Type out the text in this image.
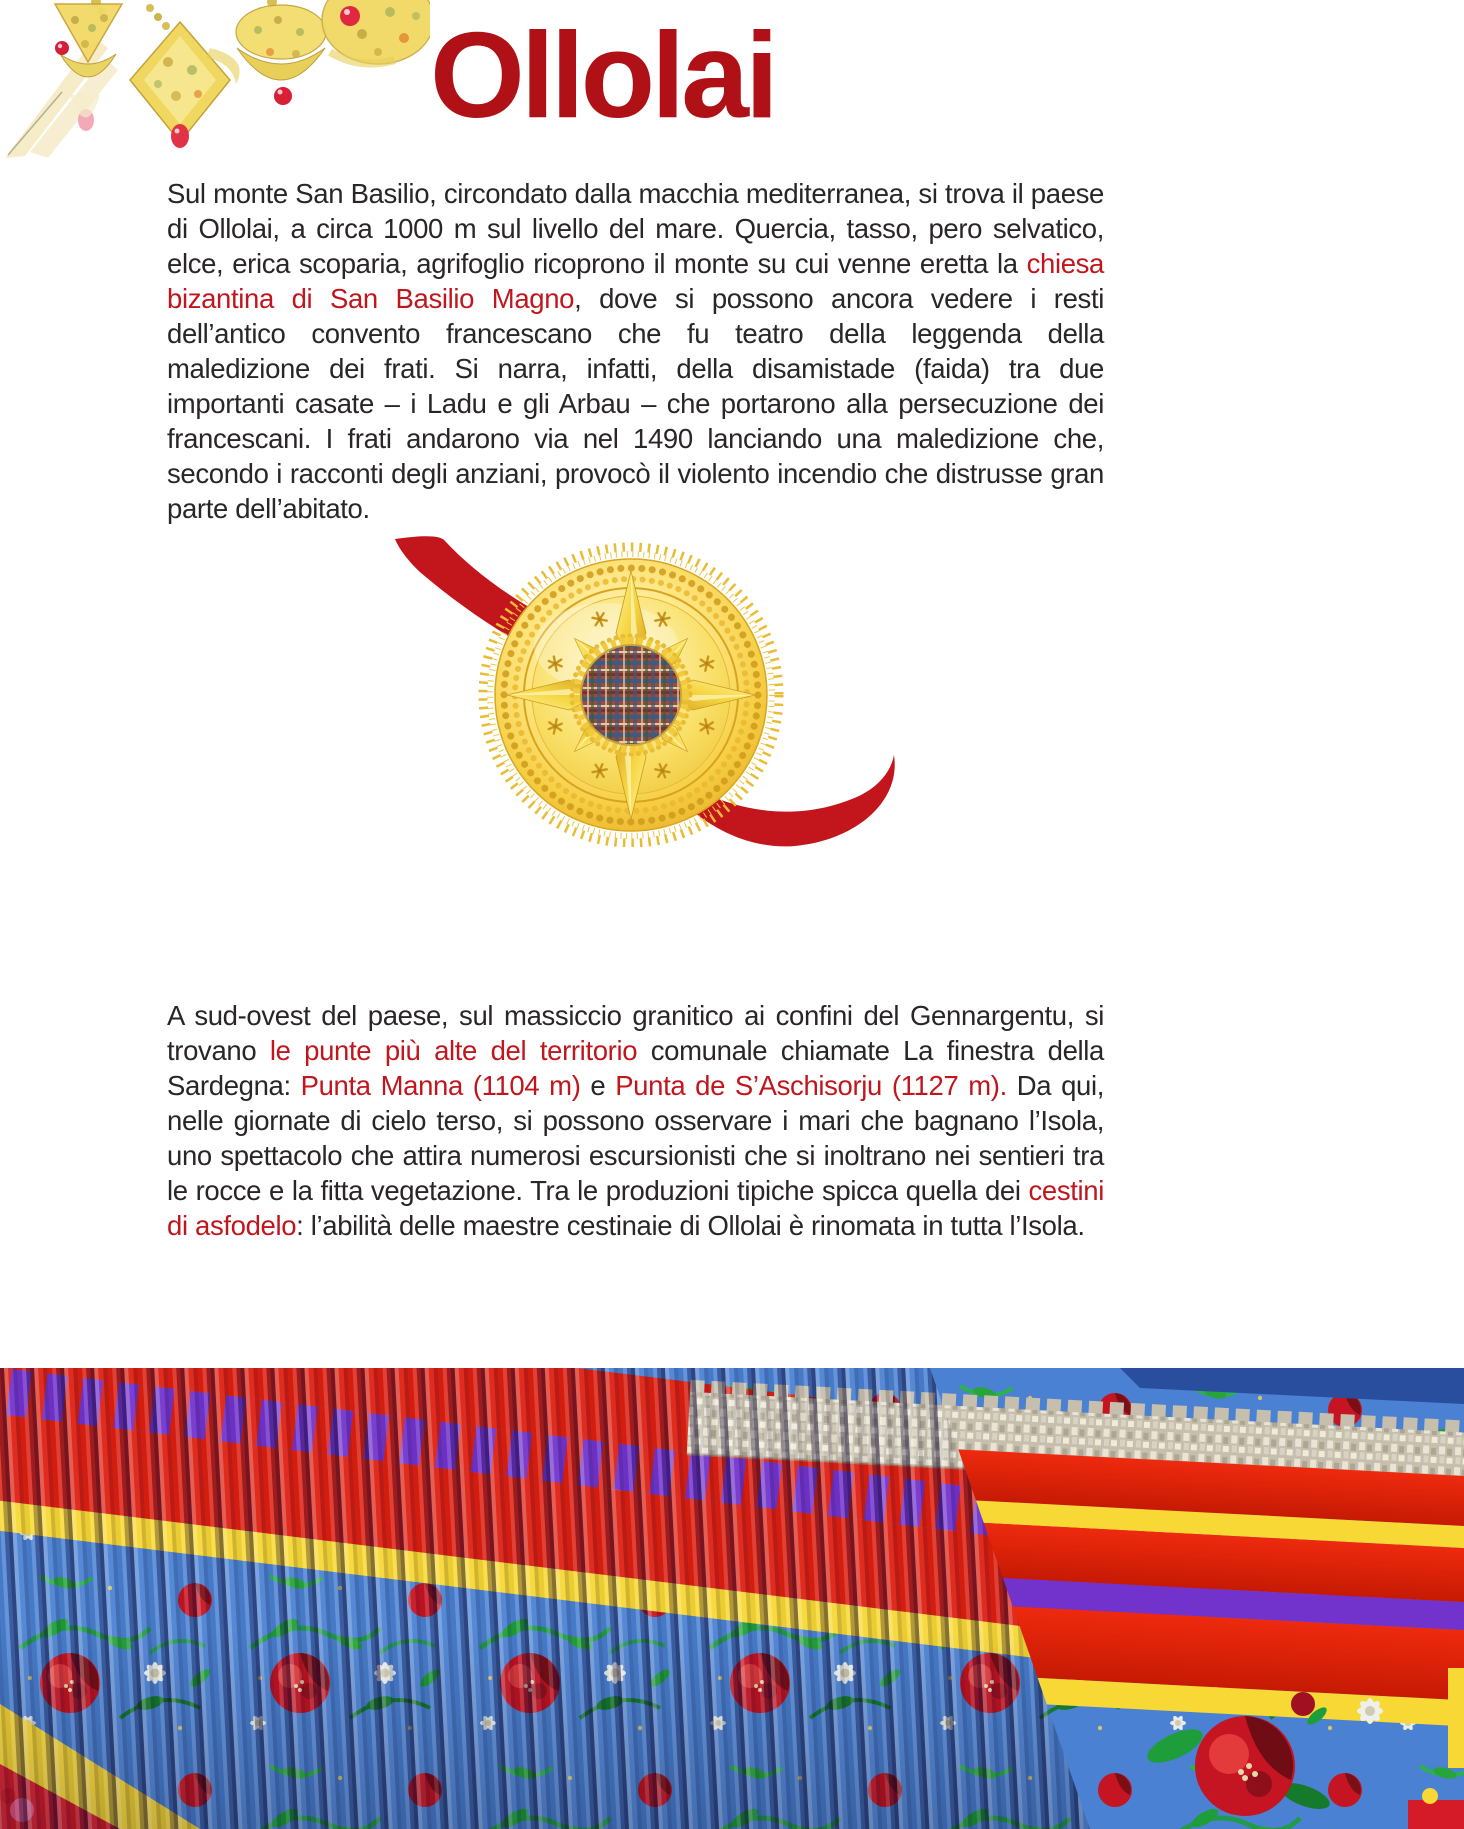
Ollolai

Sul monte San Basilio, circondato dalla macchia mediterranea, si trova il paese di Ollolai, a circa 1000 m sul livello del mare. Quercia, tasso, pero selvatico, elce, erica scoparia, agrifoglio ricoprono il monte su cui venne eretta la chiesa bizantina di San Basilio Magno, dove si possono ancora vedere i resti dell’antico convento francescano che fu teatro della leggenda della maledizione dei frati. Si narra, infatti, della disamistade (faida) tra due importanti casate – i Ladu e gli Arbau – che portarono alla persecuzione dei francescani. I frati andarono via nel 1490 lanciando una maledizione che, secondo i racconti degli anziani, provocò il violento incendio che distrusse gran parte dell’abitato.

A sud-ovest del paese, sul massiccio granitico ai confini del Gennargentu, si trovano le punte più alte del territorio comunale chiamate La finestra della Sardegna: Punta Manna (1104 m) e Punta de S’Aschisorju (1127 m). Da qui, nelle giornate di cielo terso, si possono osservare i mari che bagnano l’Isola, uno spettacolo che attira numerosi escursionisti che si inoltrano nei sentieri tra le rocce e la fitta vegetazione. Tra le produzioni tipiche spicca quella dei cestini di asfodelo: l’abilità delle maestre cestinaie di Ollolai è rinomata in tutta l’Isola.
